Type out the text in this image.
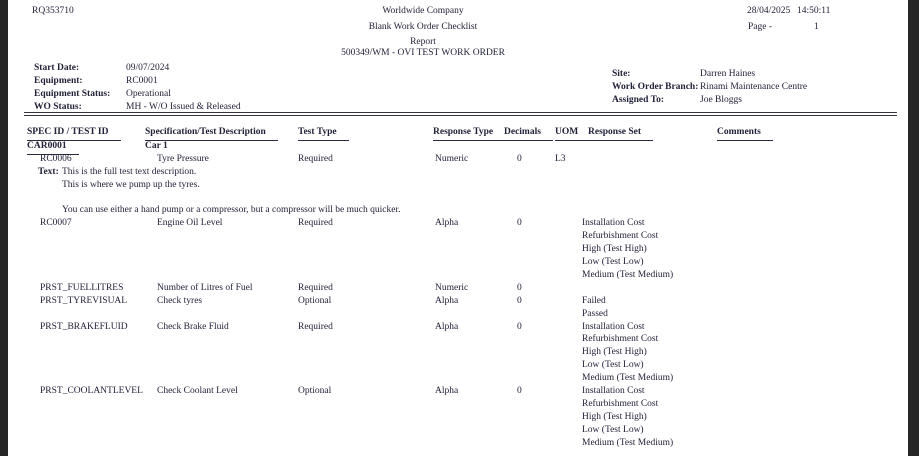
RQ353710	Worldwide Company
Blank Work Order Checklist
Report
500349/WM - OVI TEST WORK ORDER
28/04/2025 14:50:11
Page -	1
Start Date:	09/07/2024
Equipment:	RC0001
Equipment Status: Operational
WO Status:	MH - W/O Issued & Released
Site:	Darren Haines
Work Order Branch: Rinami Maintenance Centre
Assigned To:	Joe Bloggs
SPEC ID / TEST ID	Specification/Test Description	Test Type	Response Type	Decimals	UOM	Response Set	Comments
CAR0001	Car 1
RC0006	Tyre Pressure	Required	Numeric	0	L3
Text: This is the full test text description.
This is where we pump up the tyres.
You can use either a hand pump or a compressor, but a compressor will be much quicker.
RC0007	Engine Oil Level	Required	Alpha	0	Installation Cost
Refurbishment Cost
High (Test High)
Low (Test Low)
Medium (Test Medium)
PRST_FUELLITRES	Number of Litres of Fuel	Required	Numeric	0
PRST_TYREVISUAL	Check tyres	Optional	Alpha	0	Failed
Passed
PRST_BRAKEFLUID	Check Brake Fluid	Required	Alpha	0	Installation Cost
Refurbishment Cost
High (Test High)
Low (Test Low)
Medium (Test Medium)
PRST_COOLANTLEVEL Check Coolant Level	Optional	Alpha	0	Installation Cost
Refurbishment Cost
High (Test High)
Low (Test Low)
Medium (Test Medium)
